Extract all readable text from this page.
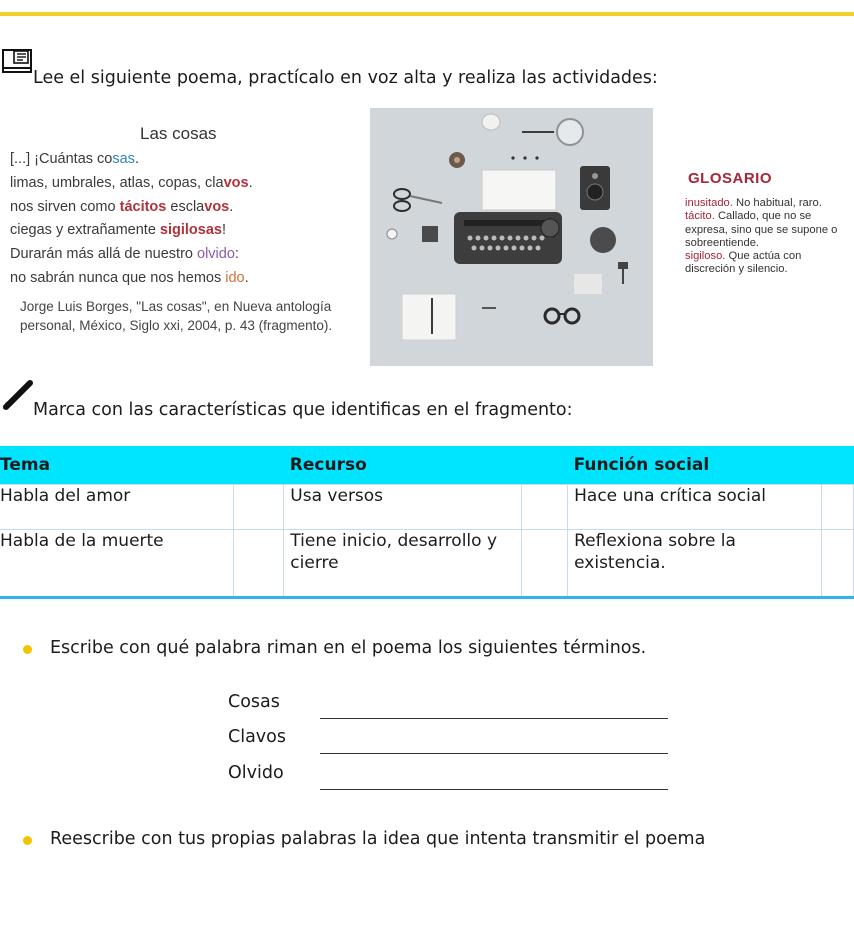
Lee el siguiente poema, practícalo en voz alta y realiza las actividades:
Las cosas
[...] ¡Cuántas cosas.
limas, umbrales, atlas, copas, clavos.
nos sirven como tácitos esclavos.
ciegas y extrañamente sigilosas!
Durarán más allá de nuestro olvido:
no sabrán nunca que nos hemos ido.
Jorge Luis Borges, "Las cosas", en Nueva antología
personal, México, Siglo xxi, 2004, p. 43 (fragmento).
GLOSARIO
inusitado. No habitual, raro.
tácito. Callado, que no se expresa, sino que se supone o sobreentiende.
sigiloso. Que actúa con discreción y silencio.
Marca con las características que identificas en el fragmento:
Tema		Recurso		Función social	
Habla del amor		Usa versos		Hace una crítica social	
Habla de la muerte		Tiene inicio, desarrollo y cierre		Reflexiona sobre la existencia.	
Escribe con qué palabra riman en el poema los siguientes términos.
Cosas
Clavos
Olvido
Reescribe con tus propias palabras la idea que intenta transmitir el poema
